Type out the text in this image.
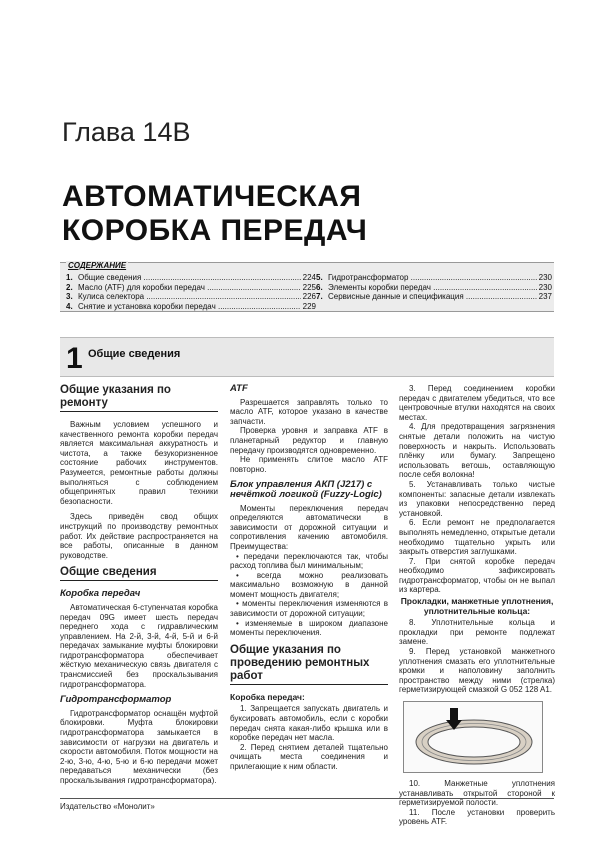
Глава 14В
АВТОМАТИЧЕСКАЯ
КОРОБКА ПЕРЕДАЧ
СОДЕРЖАНИЕ
1. Общие сведения .....	224
2. Масло (ATF) для коробки передач .....	225
3. Кулиса селектора .....	226
4. Снятие и установка коробки передач .....	229
5. Гидротрансформатор .....	230
6. Элементы коробки передач .....	230
7. Сервисные данные и спецификация .....	237
1 Общие сведения
Общие указания по ремонту

Важным условием успешного и качественного ремонта коробки передач является максимальная аккуратность и чистота, а также безукоризненное состояние рабочих инструментов. Разумеется, ремонтные работы должны выполняться с соблюдением общепринятых правил техники безопасности.

Здесь приведён свод общих инструкций по производству ремонтных работ. Их действие распространяется на все работы, описанные в данном руководстве.

Общие сведения
Коробка передач

Автоматическая 6-ступенчатая коробка передач 09G имеет шесть передач переднего хода с гидравлическим управлением. На 2-й, 3-й, 4-й, 5-й и 6-й передачах замыкание муфты блокировки гидротрансформатора обеспечивает жёсткую механическую связь двигателя с трансмиссией без проскальзывания гидротрансформатора.

Гидротрансформатор

Гидротрансформатор оснащён муфтой блокировки. Муфта блокировки гидротрансформатора замыкается в зависимости от нагрузки на двигатель и скорости автомобиля. Поток мощности на 2-ю, 3-ю, 4-ю, 5-ю и 6-ю передачи может передаваться механически (без проскальзывания гидротрансформатора).

ATF

Разрешается заправлять только то масло ATF, которое указано в качестве запчасти.

Проверка уровня и заправка ATF в планетарный редуктор и главную передачу производятся одновременно.

Не применять слитое масло ATF повторно.

Блок управления АКП (J217) с нечёткой логикой (Fuzzy-Logic)

Моменты переключения передач определяются автоматически в зависимости от дорожной ситуации и сопротивления качению автомобиля. Преимущества:

• передачи переключаются так, чтобы расход топлива был минимальным;
• всегда можно реализовать максимально возможную в данной момент мощность двигателя;
• моменты переключения изменяются в зависимости от дорожной ситуации;
• изменяемые в широком диапазоне моменты переключения.
Общие указания по проведению ремонтных работ
Коробка передач:

1. Запрещается запускать двигатель и буксировать автомобиль, если с коробки передач снята какая-либо крышка или в коробке передач нет масла.

2. Перед снятием деталей тщательно очищать места соединения и прилегающие к ним области.

3. Перед соединением коробки передач с двигателем убедиться, что все центровочные втулки находятся на своих местах.

4. Для предотвращения загрязнения снятые детали положить на чистую поверхность и накрыть. Использовать плёнку или бумагу. Запрещено использовать ветошь, оставляющую после себя волокна!

5. Устанавливать только чистые компоненты: запасные детали извлекать из упаковки непосредственно перед установкой.

6. Если ремонт не предполагается выполнять немедленно, открытые детали необходимо тщательно укрыть или закрыть отверстия заглушками.

7. При снятой коробке передач необходимо зафиксировать гидротрансформатор, чтобы он не выпал из картера.

Прокладки, манжетные уплотнения, уплотнительные кольца:

8. Уплотнительные кольца и прокладки при ремонте подлежат замене.

9. Перед установкой манжетного уплотнения смазать его уплотнительные кромки и наполовину заполнить пространство между ними (стрелка) герметизирующей смазкой G 052 128 A1.

10. Манжетные уплотнения устанавливать открытой стороной к герметизируемой полости.

11. После установки проверить уровень ATF.

Издательство «Монолит»
